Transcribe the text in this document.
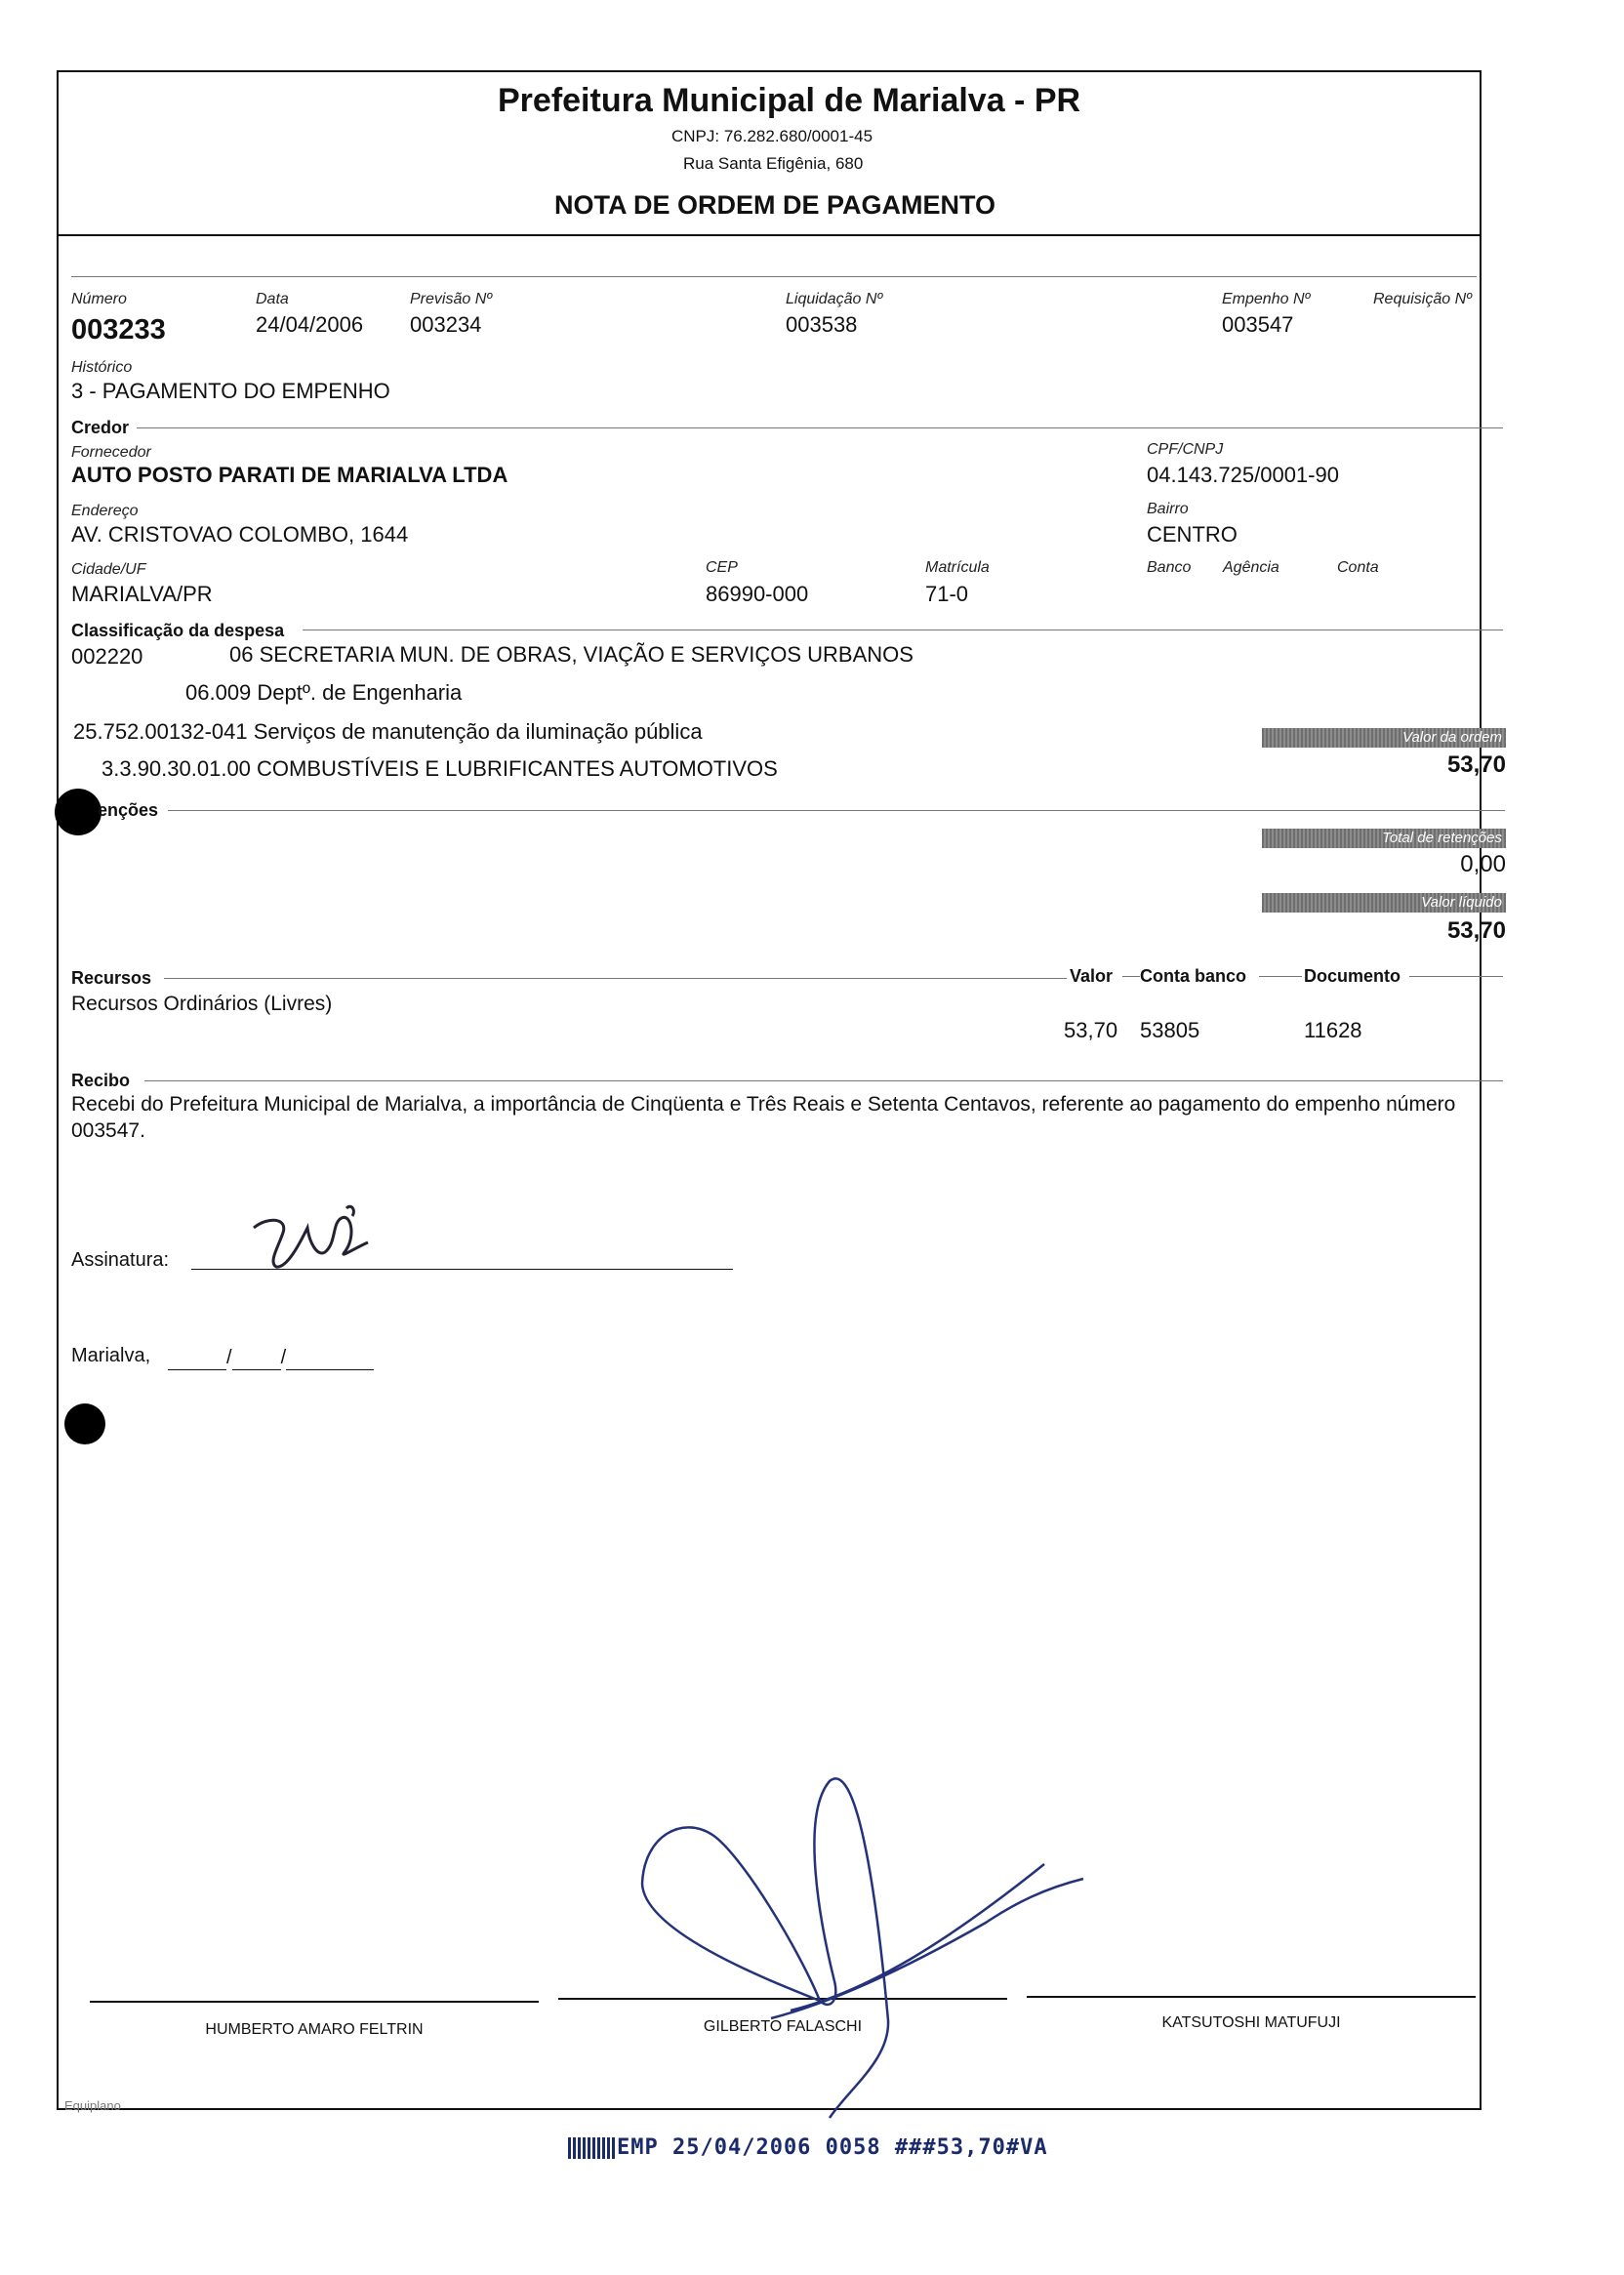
Prefeitura Municipal de Marialva - PR
CNPJ: 76.282.680/0001-45
Rua Santa Efigênia, 680
NOTA DE ORDEM DE PAGAMENTO
Número
003233
Data
24/04/2006
Previsão Nº
003234
Liquidação Nº
003538
Empenho Nº
003547
Requisição Nº
Histórico
3 - PAGAMENTO DO EMPENHO
Credor
Fornecedor
AUTO POSTO PARATI DE MARIALVA LTDA
CPF/CNPJ
04.143.725/0001-90
Endereço
AV. CRISTOVAO COLOMBO, 1644
Bairro
CENTRO
Cidade/UF
MARIALVA/PR
CEP
86990-000
Matrícula
71-0
Banco Agência	Conta
Classificação da despesa
002220	06 SECRETARIA MUN. DE OBRAS, VIAÇÃO E SERVIÇOS URBANOS
06.009 Deptº. de Engenharia
25.752.00132-041 Serviços de manutenção da iluminação pública
3.3.90.30.01.00 COMBUSTÍVEIS E LUBRIFICANTES AUTOMOTIVOS
Valor da ordem
53,70
enções
Total de retenções
0,00
Valor líquido
53,70
Recursos	Valor Conta banco	Documento
Recursos Ordinários (Livres)
53,70 53805	11628
Recibo
Recebi do Prefeitura Municipal de Marialva, a importância de Cinqüenta e Três Reais e Setenta Centavos, referente ao pagamento do empenho número 003547.
Assinatura:
Marialva,	/	/
HUMBERTO AMARO FELTRIN	GILBERTO FALASCHI	KATSUTOSHI MATUFUJI
Equiplano
EMP 25/04/2006 0058 ###53,70#VA
